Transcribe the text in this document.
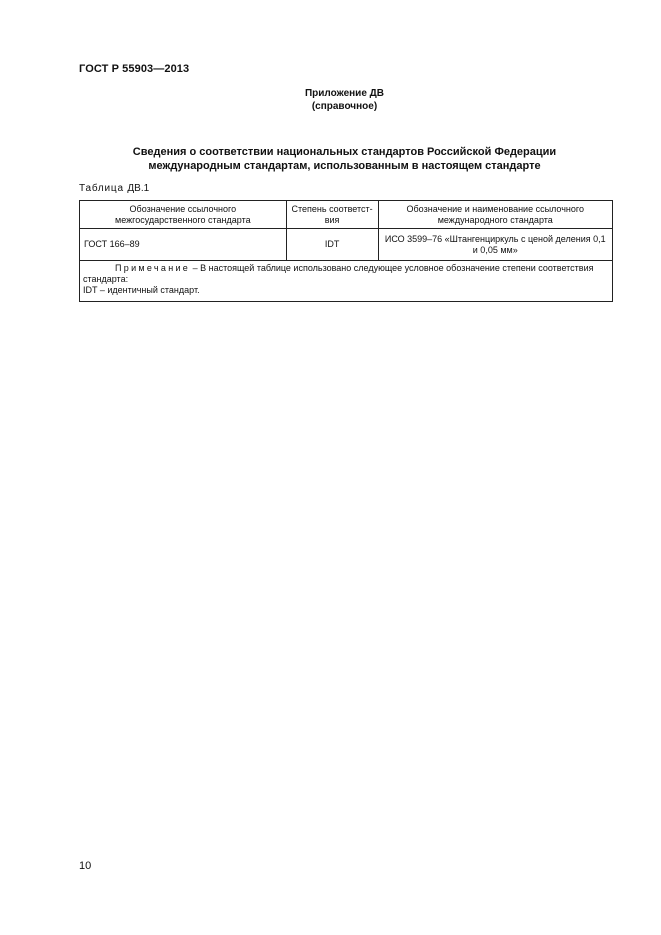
ГОСТ Р 55903—2013
Приложение ДВ
(справочное)
Сведения о соответствии национальных стандартов Российской Федерации
международным стандартам, использованным в настоящем стандарте
Таблица ДВ.1
Обозначение ссылочного межгосударственного стандарта	Степень соответст-вия	Обозначение и наименование ссылочного международного стандарта
ГОСТ 166–89	IDT	ИСО 3599–76 «Штангенциркуль с ценой деления 0,1 и 0,05 мм»
Примечание – В настоящей таблице использовано следующее условное обозначение степени соответствия стандарта:
IDT – идентичный стандарт.		
10
